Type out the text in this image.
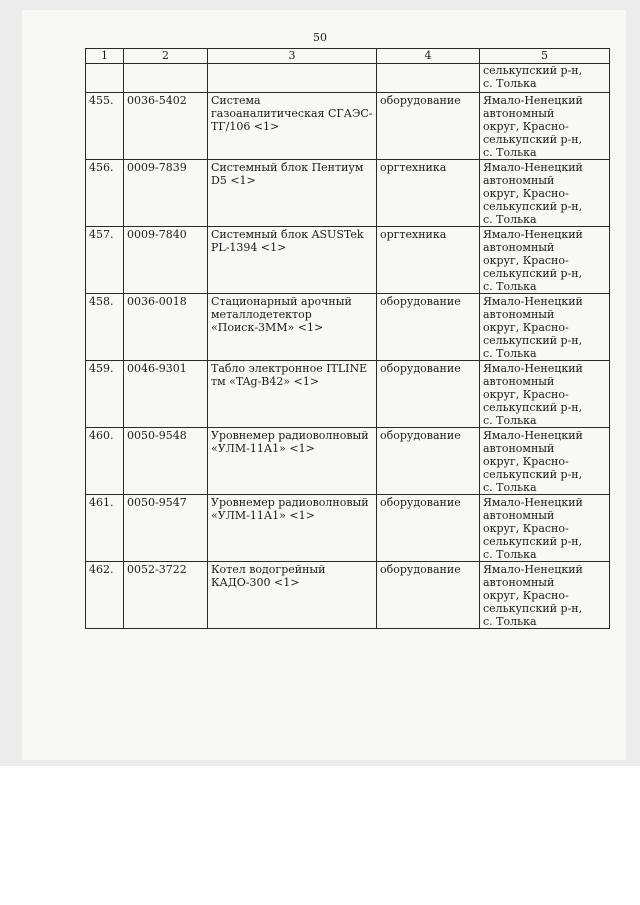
50
1	2	3	4	5
				селькупский р-н,
с. Толька
455.	0036-5402	Система газоаналитическая СГАЭС-ТГ/106 <1>	оборудование	Ямало-Ненецкий
автономный
округ, Красно-
селькупский р-н,
с. Толька
456.	0009-7839	Системный блок Пентиум D5 <1>	оргтехника	Ямало-Ненецкий
автономный
округ, Красно-
селькупский р-н,
с. Толька
457.	0009-7840	Системный блок ASUSTek PL-1394 <1>	оргтехника	Ямало-Ненецкий
автономный
округ, Красно-
селькупский р-н,
с. Толька
458.	0036-0018	Стационарный арочный металлодетектор «Поиск-3ММ» <1>	оборудование	Ямало-Ненецкий
автономный
округ, Красно-
селькупский р-н,
с. Толька
459.	0046-9301	Табло электронное ITLINE тм «TAg-B42» <1>	оборудование	Ямало-Ненецкий
автономный
округ, Красно-
селькупский р-н,
с. Толька
460.	0050-9548	Уровнемер радиоволновый «УЛМ-11А1» <1>	оборудование	Ямало-Ненецкий
автономный
округ, Красно-
селькупский р-н,
с. Толька
461.	0050-9547	Уровнемер радиоволновый «УЛМ-11А1» <1>	оборудование	Ямало-Ненецкий
автономный
округ, Красно-
селькупский р-н,
с. Толька
462.	0052-3722	Котел водогрейный КАДО-300 <1>	оборудование	Ямало-Ненецкий
автономный
округ, Красно-
селькупский р-н,
с. Толька
